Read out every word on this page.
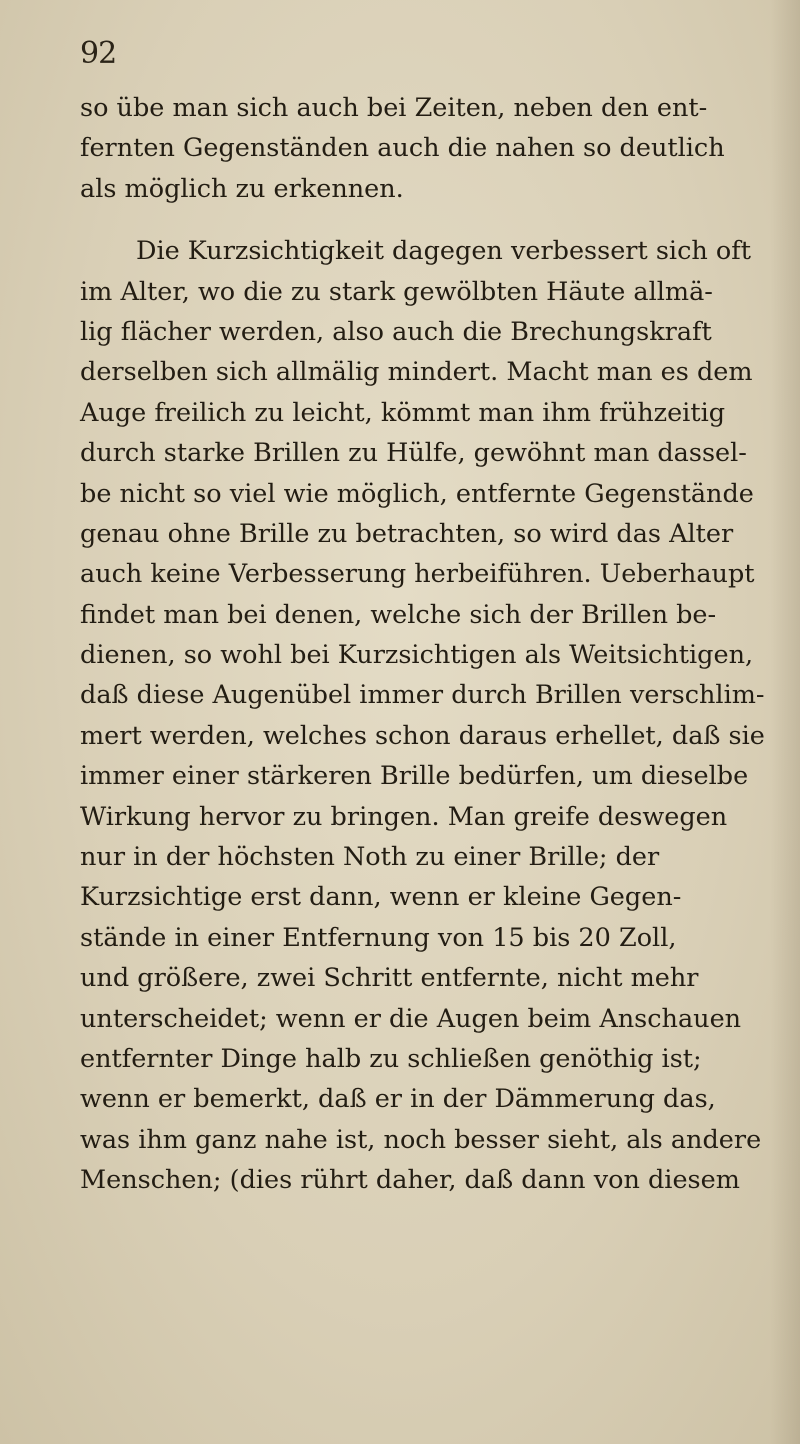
92
so übe man sich auch bei Zeiten, neben den ent-
fernten Gegenständen auch die nahen so deutlich
als möglich zu erkennen.
Die Kurzsichtigkeit dagegen verbessert sich oft
im Alter, wo die zu stark gewölbten Häute allmä-
lig flächer werden, also auch die Brechungskraft
derselben sich allmälig mindert. Macht man es dem
Auge freilich zu leicht, kömmt man ihm frühzeitig
durch starke Brillen zu Hülfe, gewöhnt man dassel-
be nicht so viel wie möglich, entfernte Gegenstände
genau ohne Brille zu betrachten, so wird das Alter
auch keine Verbesserung herbeiführen. Ueberhaupt
findet man bei denen, welche sich der Brillen be-
dienen, so wohl bei Kurzsichtigen als Weitsichtigen,
daß diese Augenübel immer durch Brillen verschlim-
mert werden, welches schon daraus erhellet, daß sie
immer einer stärkeren Brille bedürfen, um dieselbe
Wirkung hervor zu bringen. Man greife deswegen
nur in der höchsten Noth zu einer Brille; der
Kurzsichtige erst dann, wenn er kleine Gegen-
stände in einer Entfernung von 15 bis 20 Zoll,
und größere, zwei Schritt entfernte, nicht mehr
unterscheidet; wenn er die Augen beim Anschauen
entfernter Dinge halb zu schließen genöthig ist;
wenn er bemerkt, daß er in der Dämmerung das,
was ihm ganz nahe ist, noch besser sieht, als andere
Menschen; (dies rührt daher, daß dann von diesem
